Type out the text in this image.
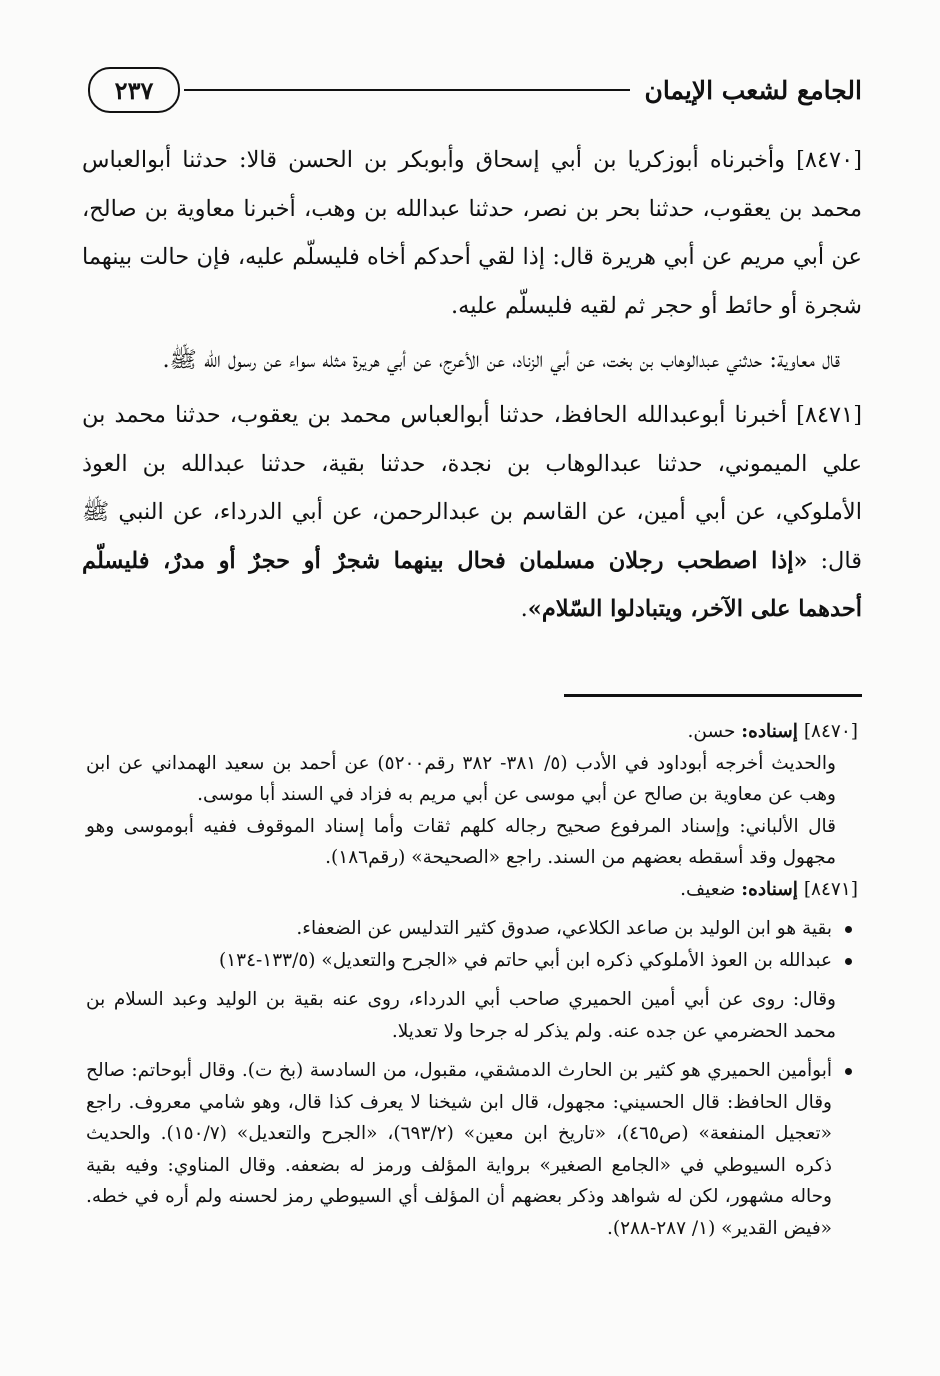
الجامع لشعب الإيمان
٢٣٧

[٨٤٧٠] وأخبرناه أبوزكريا بن أبي إسحاق وأبوبكر بن الحسن قالا: حدثنا أبوالعباس محمد بن يعقوب، حدثنا بحر بن نصر، حدثنا عبدالله بن وهب، أخبرنا معاوية بن صالح، عن أبي مريم عن أبي هريرة قال: إذا لقي أحدكم أخاه فليسلّم عليه، فإن حالت بينهما شجرة أو حائط أو حجر ثم لقيه فليسلّم عليه.

قال معاوية: حدثني عبدالوهاب بن بخت، عن أبي الزناد، عن الأعرج، عن أبي هريرة مثله سواء عن رسول الله ﷺ.

[٨٤٧١] أخبرنا أبوعبدالله الحافظ، حدثنا أبوالعباس محمد بن يعقوب، حدثنا محمد بن علي الميموني، حدثنا عبدالوهاب بن نجدة، حدثنا بقية، حدثنا عبدالله بن العوذ الأملوكي، عن أبي أمين، عن القاسم بن عبدالرحمن، عن أبي الدرداء، عن النبي ﷺ قال: «إذا اصطحب رجلان مسلمان فحال بينهما شجرٌ أو حجرٌ أو مدرٌ، فليسلّم أحدهما على الآخر، ويتبادلوا السّلام».

[٨٤٧٠] إسناده: حسن.

والحديث أخرجه أبوداود في الأدب (٥/ ٣٨١- ٣٨٢ رقم٥٢٠٠) عن أحمد بن سعيد الهمداني عن ابن وهب عن معاوية بن صالح عن أبي موسى عن أبي مريم به فزاد في السند أبا موسى.

قال الألباني: وإسناد المرفوع صحيح رجاله كلهم ثقات وأما إسناد الموقوف ففيه أبوموسى وهو مجهول وقد أسقطه بعضهم من السند. راجع «الصحيحة» (رقم١٨٦).

[٨٤٧١] إسناده: ضعيف.

بقية هو ابن الوليد بن صاعد الكلاعي، صدوق كثير التدليس عن الضعفاء.
عبدالله بن العوذ الأملوكي ذكره ابن أبي حاتم في «الجرح والتعديل» (١٣٣/٥-١٣٤)

وقال: روى عن أبي أمين الحميري صاحب أبي الدرداء، روى عنه بقية بن الوليد وعبد السلام بن محمد الحضرمي عن جده عنه. ولم يذكر له جرحا ولا تعديلا.

أبوأمين الحميري هو كثير بن الحارث الدمشقي، مقبول، من السادسة (بخ ت). وقال أبوحاتم: صالح وقال الحافظ: قال الحسيني: مجهول، قال ابن شيخنا لا يعرف كذا قال، وهو شامي معروف. راجع «تعجيل المنفعة» (ص٤٦٥)، «تاريخ ابن معين» (٦٩٣/٢)، «الجرح والتعديل» (١٥٠/٧). والحديث ذكره السيوطي في «الجامع الصغير» برواية المؤلف ورمز له بضعفه. وقال المناوي: وفيه بقية وحاله مشهور، لكن له شواهد وذكر بعضهم أن المؤلف أي السيوطي رمز لحسنه ولم أره في خطه. «فيض القدير» (١/ ٢٨٧-٢٨٨).
